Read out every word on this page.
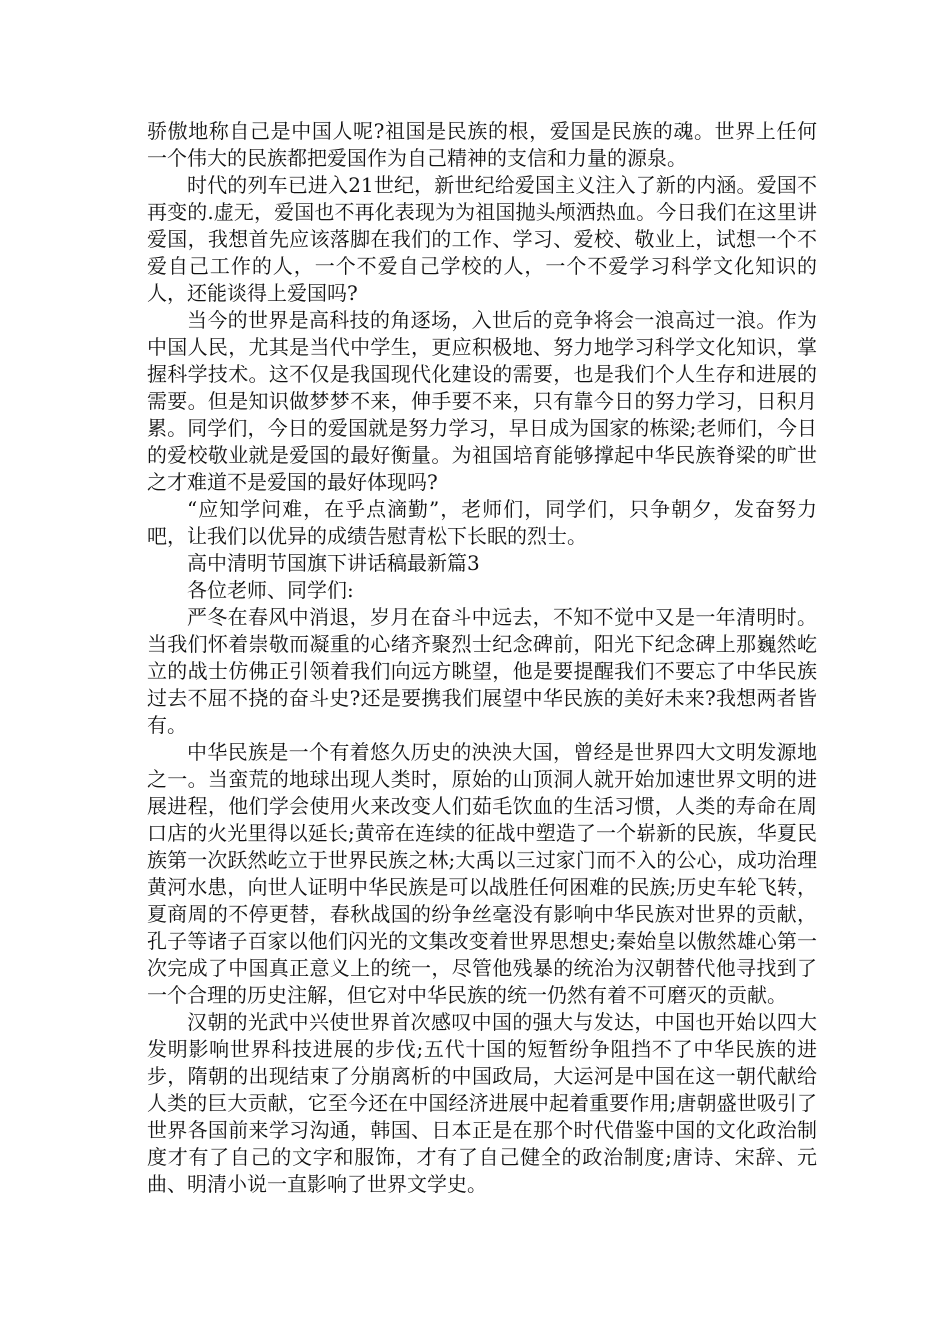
骄傲地称自己是中国人呢?祖国是民族的根，爱国是民族的魂。世界上任何一个伟大的民族都把爱国作为自己精神的支信和力量的源泉。

时代的列车已进入21世纪，新世纪给爱国主义注入了新的内涵。爱国不再变的.虚无，爱国也不再化表现为为祖国抛头颅洒热血。今日我们在这里讲爱国，我想首先应该落脚在我们的工作、学习、爱校、敬业上，试想一个不爱自己工作的人，一个不爱自己学校的人，一个不爱学习科学文化知识的人，还能谈得上爱国吗?

当今的世界是高科技的角逐场，入世后的竞争将会一浪高过一浪。作为中国人民，尤其是当代中学生，更应积极地、努力地学习科学文化知识，掌握科学技术。这不仅是我国现代化建设的需要，也是我们个人生存和进展的需要。但是知识做梦梦不来，伸手要不来，只有靠今日的努力学习，日积月累。同学们，今日的爱国就是努力学习，早日成为国家的栋梁;老师们，今日的爱校敬业就是爱国的最好衡量。为祖国培育能够撑起中华民族脊梁的旷世之才难道不是爱国的最好体现吗?

“应知学问难，在乎点滴勤”，老师们，同学们，只争朝夕，发奋努力吧，让我们以优异的成绩告慰青松下长眠的烈士。

高中清明节国旗下讲话稿最新篇3

各位老师、同学们:

严冬在春风中消退，岁月在奋斗中远去，不知不觉中又是一年清明时。当我们怀着崇敬而凝重的心绪齐聚烈士纪念碑前，阳光下纪念碑上那巍然屹立的战士仿佛正引领着我们向远方眺望，他是要提醒我们不要忘了中华民族过去不屈不挠的奋斗史?还是要携我们展望中华民族的美好未来?我想两者皆有。

中华民族是一个有着悠久历史的泱泱大国，曾经是世界四大文明发源地之一。当蛮荒的地球出现人类时，原始的山顶洞人就开始加速世界文明的进展进程，他们学会使用火来改变人们茹毛饮血的生活习惯，人类的寿命在周口店的火光里得以延长;黄帝在连续的征战中塑造了一个崭新的民族，华夏民族第一次跃然屹立于世界民族之林;大禹以三过家门而不入的公心，成功治理黄河水患，向世人证明中华民族是可以战胜任何困难的民族;历史车轮飞转，夏商周的不停更替，春秋战国的纷争丝毫没有影响中华民族对世界的贡献，孔子等诸子百家以他们闪光的文集改变着世界思想史;秦始皇以傲然雄心第一次完成了中国真正意义上的统一，尽管他残暴的统治为汉朝替代他寻找到了一个合理的历史注解，但它对中华民族的统一仍然有着不可磨灭的贡献。

汉朝的光武中兴使世界首次感叹中国的强大与发达，中国也开始以四大发明影响世界科技进展的步伐;五代十国的短暂纷争阻挡不了中华民族的进步，隋朝的出现结束了分崩离析的中国政局，大运河是中国在这一朝代献给人类的巨大贡献，它至今还在中国经济进展中起着重要作用;唐朝盛世吸引了世界各国前来学习沟通，韩国、日本正是在那个时代借鉴中国的文化政治制度才有了自己的文字和服饰，才有了自己健全的政治制度;唐诗、宋辞、元曲、明清小说一直影响了世界文学史。
